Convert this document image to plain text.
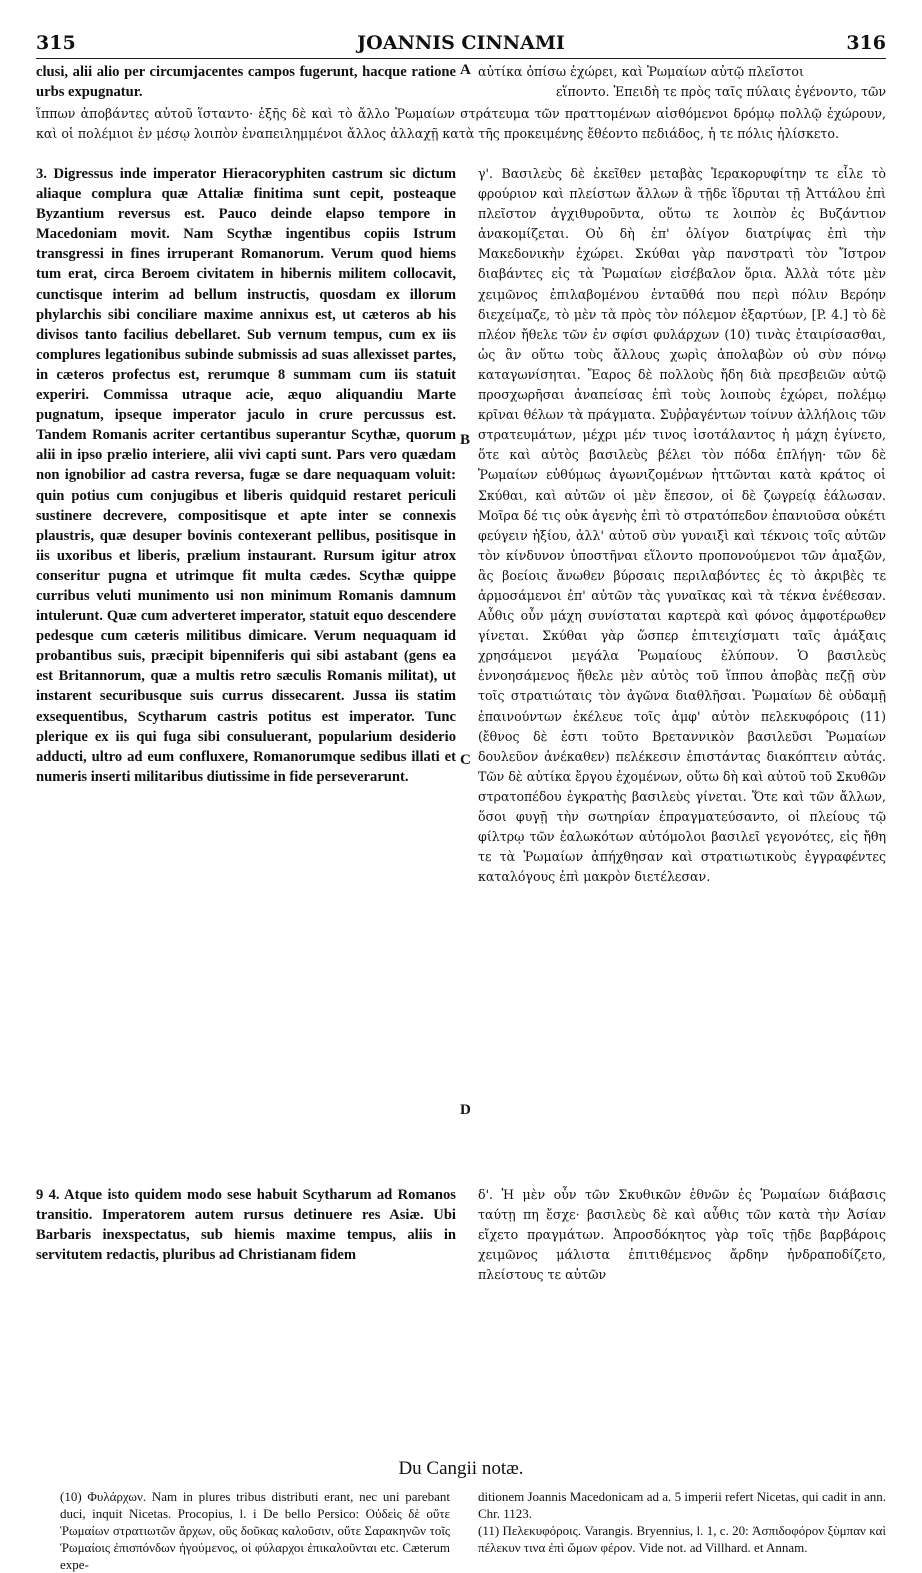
315	JOANNIS CINNAMI	316

clusi, alii alio per circumjacentes campos fugerunt, hacque ratione urbs expugnatur.

A αὐτίκα ὀπίσω ἐχώρει, καὶ Ῥωμαίων αὐτῷ πλεῖστοι
εἵποντο. Ἐπειδὴ τε πρὸς ταῖς πύλαις ἐγένοντο, τῶν

ἵππων ἀποβάντες αὐτοῦ ἵσταντο· ἑξῆς δὲ καὶ τὸ ἄλλο Ῥωμαίων στράτευμα τῶν πραττομένων αἰσθόμενοι δρόμῳ πολλῷ ἐχώρουν, καὶ οἱ πολέμιοι ἐν μέσῳ λοιπὸν ἐναπειλημμένοι ἄλλος ἀλλαχῇ κατὰ τῆς προκειμένης ἔθέοντο πεδιάδος, ἡ τε πόλις ἡλίσκετο.

3. Digressus inde imperator Hieracoryphiten castrum sic dictum aliaque complura quæ Attaliæ finitima sunt cepit, posteaque Byzantium reversus est. Pauco deinde elapso tempore in Macedoniam movit. Nam Scythæ ingentibus copiis Istrum transgressi in fines irruperant Romanorum. Verum quod hiems tum erat, circa Beroem civitatem in hibernis militem collocavit, cunctisque interim ad bellum instructis, quosdam ex illorum phylarchis sibi conciliare maxime annixus est, ut cæteros ab his divisos tanto facilius debellaret. Sub vernum tempus, cum ex iis complures legationibus subinde submissis ad suas allexisset partes, in cæteros profectus est, rerumque 8 summam cum iis statuit experiri. Commissa utraque acie, æquo aliquandiu Marte pugnatum, ipseque imperator jaculo in crure percussus est. Tandem Romanis acriter certantibus superantur Scythæ, quorum alii in ipso prælio interiere, alii vivi capti sunt. Pars vero quædam non ignobilior ad castra reversa, fugæ se dare nequaquam voluit: quin potius cum conjugibus et liberis quidquid restaret periculi sustinere decrevere, compositisque et apte inter se connexis plaustris, quæ desuper bovinis contexerant pellibus, positisque in iis uxoribus et liberis, prælium instaurant. Rursum igitur atrox conseritur pugna et utrimque fit multa cædes. Scythæ quippe curribus veluti munimento usi non minimum Romanis damnum intulerunt. Quæ cum adverteret imperator, statuit equo descendere pedesque cum cæteris militibus dimicare. Verum nequaquam id probantibus suis, præcipit bipenniferis qui sibi astabant (gens ea est Britannorum, quæ a multis retro sæculis Romanis militat), ut instarent securibusque suis currus dissecarent. Jussa iis statim exsequentibus, Scytharum castris potitus est imperator. Tunc plerique ex iis qui fuga sibi consuluerant, popularium desiderio adducti, ultro ad eum confluxere, Romanorumque sedibus illati et numeris inserti militaribus diutissime in fide perseverarunt.

B
C
D

γ'. Βασιλεὺς δὲ ἐκεῖθεν μεταβὰς Ἱερακορυφίτην τε εἷλε τὸ φρούριον καὶ πλείστων ἄλλων ἃ τῇδε ἵδρυται τῇ Ἀττάλου ἐπὶ πλεῖστον ἀγχιθυροῦντα, οὕτω τε λοιπὸν ἐς Βυζάντιον ἀνακομίζεται. Οὐ δὴ ἐπ' ὀλίγον διατρίψας ἐπὶ τὴν Μακεδονικὴν ἐχώρει. Σκύθαι γὰρ πανστρατὶ τὸν Ἴστρον διαβάντες εἰς τὰ Ῥωμαίων εἰσέβαλον ὅρια. Ἀλλὰ τότε μὲν χειμῶνος ἐπιλαβομένου ἐνταῦθά που περὶ πόλιν Βερόην διεχείμαζε, τὸ μὲν τὰ πρὸς τὸν πόλεμον ἐξαρτύων, [P. 4.] τὸ δὲ πλέον ἤθελε τῶν ἐν σφίσι φυλάρχων (10) τινὰς ἑταιρίσασθαι, ὡς ἂν οὕτω τοὺς ἄλλους χωρὶς ἀπολαβὼν οὐ σὺν πόνῳ καταγωνίσηται. Ἔαρος δὲ πολλοὺς ἤδη διὰ πρεσβειῶν αὐτῷ προσχωρῆσαι ἀναπείσας ἐπὶ τοὺς λοιποὺς ἐχώρει, πολέμῳ κρῖναι θέλων τὰ πράγματα. Συῤῥαγέντων τοίνυν ἀλλήλοις τῶν στρατευμάτων, μέχρι μέν τινος ἰσοτάλαντος ἡ μάχη ἐγίνετο, ὅτε καὶ αὐτὸς βασιλεὺς βέλει τὸν πόδα ἐπλήγη· τῶν δὲ Ῥωμαίων εὐθύμως ἀγωνιζομένων ἡττῶνται κατὰ κράτος οἱ Σκύθαι, καὶ αὐτῶν οἱ μὲν ἔπεσον, οἱ δὲ ζωγρείᾳ ἑάλωσαν. Μοῖρα δέ τις οὐκ ἀγενὴς ἐπὶ τὸ στρατόπεδον ἐπανιοῦσα οὐκέτι φεύγειν ἠξίου, ἀλλ' αὐτοῦ σὺν γυναιξὶ καὶ τέκνοις τοῖς αὐτῶν τὸν κίνδυνον ὑποστῆναι εἵλοντο προπονούμενοι τῶν ἁμαξῶν, ἃς βοείοις ἄνωθεν βύρσαις περιλαβόντες ἐς τὸ ἀκριβὲς τε ἁρμοσάμενοι ἐπ' αὐτῶν τὰς γυναῖκας καὶ τὰ τέκνα ἐνέθεσαν. Αὖθις οὖν μάχη συνίσταται καρτερὰ καὶ φόνος ἀμφοτέρωθεν γίνεται. Σκύθαι γὰρ ὥσπερ ἐπιτειχίσματι ταῖς ἁμάξαις χρησάμενοι μεγάλα Ῥωμαίους ἐλύπουν. Ὁ βασιλεὺς ἐννοησάμενος ἤθελε μὲν αὐτὸς τοῦ ἵππου ἀποβὰς πεζῇ σὺν τοῖς στρατιώταις τὸν ἀγῶνα διαθλῆσαι. Ῥωμαίων δὲ οὐδαμῇ ἐπαινούντων ἐκέλευε τοῖς ἀμφ' αὐτὸν πελεκυφόροις (11) (ἔθνος δὲ ἐστι τοῦτο Βρεταννικὸν βασιλεῦσι Ῥωμαίων δουλεῦον ἀνέκαθεν) πελέκεσιν ἐπιστάντας διακόπτειν αὐτάς. Τῶν δὲ αὐτίκα ἔργου ἐχομένων, οὕτω δὴ καὶ αὐτοῦ τοῦ Σκυθῶν στρατοπέδου ἐγκρατὴς βασιλεὺς γίνεται. Ὅτε καὶ τῶν ἄλλων, ὅσοι φυγῇ τὴν σωτηρίαν ἐπραγματεύσαντο, οἱ πλείους τῷ φίλτρῳ τῶν ἑαλωκότων αὐτόμολοι βασιλεῖ γεγονότες, εἰς ἤθη τε τὰ Ῥωμαίων ἀπήχθησαν καὶ στρατιωτικοὺς ἐγγραφέντες καταλόγους ἐπὶ μακρὸν διετέλεσαν.

9 4. Atque isto quidem modo sese habuit Scytharum ad Romanos transitio. Imperatorem autem rursus detinuere res Asiæ. Ubi Barbaris inexspectatus, sub hiemis maxime tempus, aliis in servitutem redactis, pluribus ad Christianam fidem

δ'. Ἡ μὲν οὖν τῶν Σκυθικῶν ἐθνῶν ἐς Ῥωμαίων διάβασις ταύτῃ πη ἔσχε· βασιλεὺς δὲ καὶ αὖθις τῶν κατὰ τὴν Ἀσίαν εἴχετο πραγμάτων. Ἀπροσδόκητος γὰρ τοῖς τῇδε βαρβάροις χειμῶνος μάλιστα ἐπιτιθέμενος ἄρδην ἠνδραποδίζετο, πλείστους τε αὐτῶν

Du Cangii notæ.

(10) Φυλάρχων. Nam in plures tribus distributi erant, nec uni parebant duci, inquit Nicetas. Procopius, l. i De bello Persico: Οὐδεὶς δὲ οὔτε Ῥωμαίων στρατιωτῶν ἄρχων, οὓς δοῦκας καλοῦσιν, οὔτε Σαρακηνῶν τοῖς Ῥωμαίοις ἐπισπόνδων ἡγούμενος, οἱ φύλαρχοι ἐπικαλοῦνται etc. Cæterum expe-

ditionem Joannis Macedonicam ad a. 5 imperii refert Nicetas, qui cadit in ann. Chr. 1123.

(11) Πελεκυφόροις. Varangis. Bryennius, l. 1, c. 20: Ἀσπιδοφόρον ξὺμπαν καὶ πέλεκυν τινα ἐπὶ ὤμων φέρον. Vide not. ad Villhard. et Annam.
